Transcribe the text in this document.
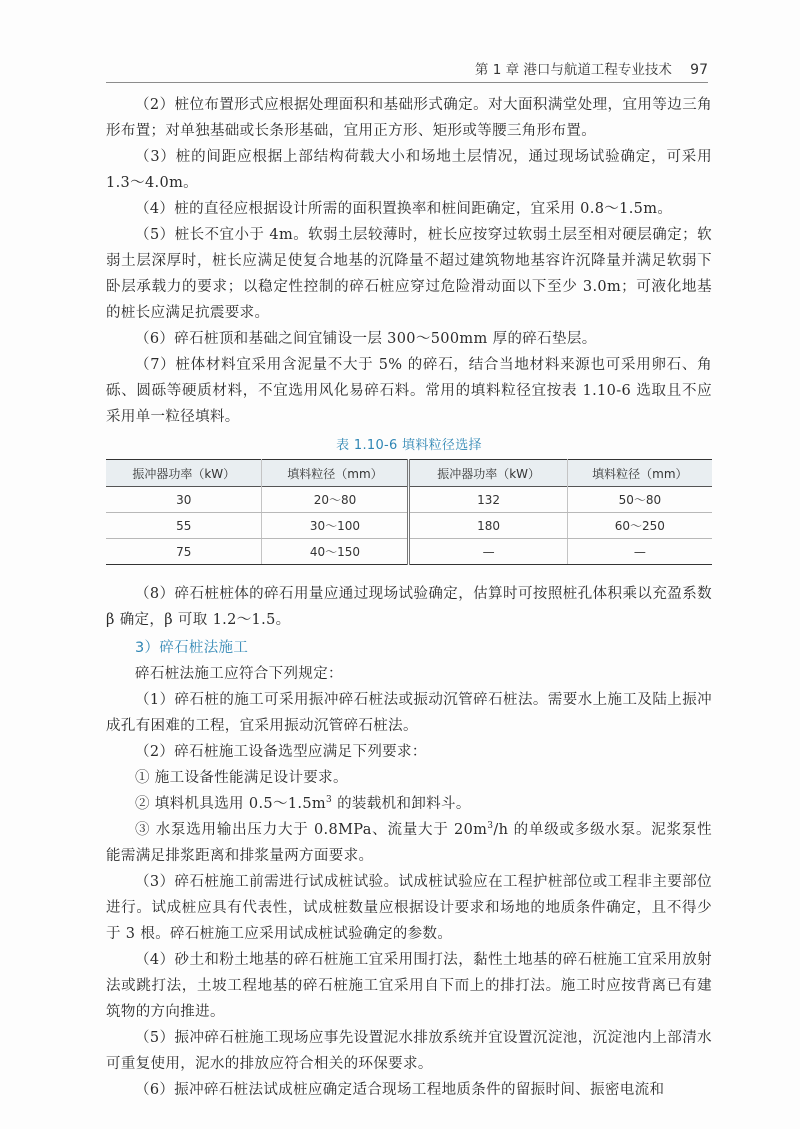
第 1 章 港口与航道工程专业技术 97

（2）桩位布置形式应根据处理面积和基础形式确定。对大面积满堂处理，宜用等边三角形布置；对单独基础或长条形基础，宜用正方形、矩形或等腰三角形布置。

（3）桩的间距应根据上部结构荷载大小和场地土层情况，通过现场试验确定，可采用 1.3～4.0m。

（4）桩的直径应根据设计所需的面积置换率和桩间距确定，宜采用 0.8～1.5m。

（5）桩长不宜小于 4m。软弱土层较薄时，桩长应按穿过软弱土层至相对硬层确定；软弱土层深厚时，桩长应满足使复合地基的沉降量不超过建筑物地基容许沉降量并满足软弱下卧层承载力的要求；以稳定性控制的碎石桩应穿过危险滑动面以下至少 3.0m；可液化地基的桩长应满足抗震要求。

（6）碎石桩顶和基础之间宜铺设一层 300～500mm 厚的碎石垫层。

（7）桩体材料宜采用含泥量不大于 5% 的碎石，结合当地材料来源也可采用卵石、角砾、圆砾等硬质材料，不宜选用风化易碎石料。常用的填料粒径宜按表 1.10-6 选取且不应采用单一粒径填料。

表 1.10-6 填料粒径选择
振冲器功率（kW）	填料粒径（mm）	振冲器功率（kW）	填料粒径（mm）
30	20～80	132	50～80
55	30～100	180	60～250
75	40～150	—	—

（8）碎石桩桩体的碎石用量应通过现场试验确定，估算时可按照桩孔体积乘以充盈系数 β 确定，β 可取 1.2～1.5。

3）碎石桩法施工

碎石桩法施工应符合下列规定：

（1）碎石桩的施工可采用振冲碎石桩法或振动沉管碎石桩法。需要水上施工及陆上振冲成孔有困难的工程，宜采用振动沉管碎石桩法。

（2）碎石桩施工设备选型应满足下列要求：

① 施工设备性能满足设计要求。

② 填料机具选用 $0.5\sim 1.5m^3$ 的装载机和卸料斗。

③ 水泵选用输出压力大于 0.8MPa、流量大于 $20m^3/h$ 的单级或多级水泵。泥浆泵性能需满足排浆距离和排浆量两方面要求。

（3）碎石桩施工前需进行试成桩试验。试成桩试验应在工程护桩部位或工程非主要部位进行。试成桩应具有代表性，试成桩数量应根据设计要求和场地的地质条件确定，且不得少于 3 根。碎石桩施工应采用试成桩试验确定的参数。

（4）砂土和粉土地基的碎石桩施工宜采用围打法，黏性土地基的碎石桩施工宜采用放射法或跳打法，土坡工程地基的碎石桩施工宜采用自下而上的排打法。施工时应按背离已有建筑物的方向推进。

（5）振冲碎石桩施工现场应事先设置泥水排放系统并宜设置沉淀池，沉淀池内上部清水可重复使用，泥水的排放应符合相关的环保要求。

（6）振冲碎石桩法试成桩应确定适合现场工程地质条件的留振时间、振密电流和
